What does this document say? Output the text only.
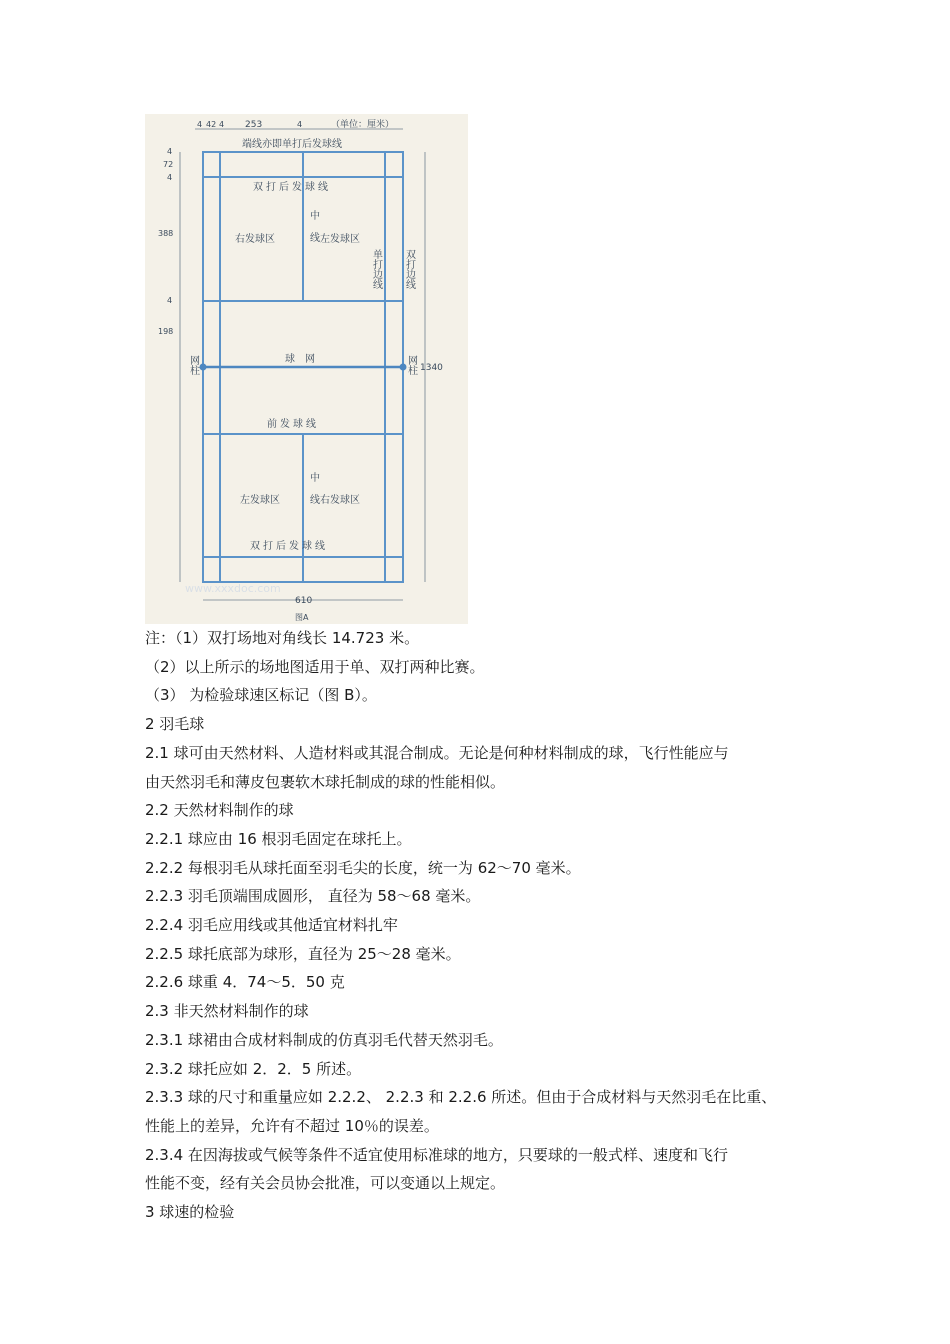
4 42 4 253	4	（单位：厘米）
4
72
4
388
4
198
1340
610
端线亦即单打后发球线
双打后发球线
右发球区	左发球区
中线
单打边线 双打边线
球网
网柱	网柱
前发球线
中线
左发球区	右发球区
双打后发球线
www.xxxdoc.com
图A

注：（1）双打场地对角线长 14.723 米。

（2）以上所示的场地图适用于单、双打两种比赛。

（3） 为检验球速区标记（图 B）。

2 羽毛球

2.1 球可由天然材料、人造材料或其混合制成。无论是何种材料制成的球，飞行性能应与

由天然羽毛和薄皮包裹软木球托制成的球的性能相似。

2.2 天然材料制作的球

2.2.1 球应由 16 根羽毛固定在球托上。

2.2.2 每根羽毛从球托面至羽毛尖的长度，统一为 62～70 毫米。

2.2.3 羽毛顶端围成圆形， 直径为 58～68 毫米。

2.2.4 羽毛应用线或其他适宜材料扎牢

2.2.5 球托底部为球形，直径为 25～28 毫米。

2.2.6 球重 4．74～5．50 克

2.3 非天然材料制作的球

2.3.1 球裙由合成材料制成的仿真羽毛代替天然羽毛。

2.3.2 球托应如 2．2．5 所述。

2.3.3 球的尺寸和重量应如 2.2.2、 2.2.3 和 2.2.6 所述。但由于合成材料与天然羽毛在比重、

性能上的差异，允许有不超过 10％的误差。

2.3.4 在因海拔或气候等条件不适宜使用标准球的地方，只要球的一般式样、速度和飞行

性能不变，经有关会员协会批准，可以变通以上规定。

3 球速的检验
